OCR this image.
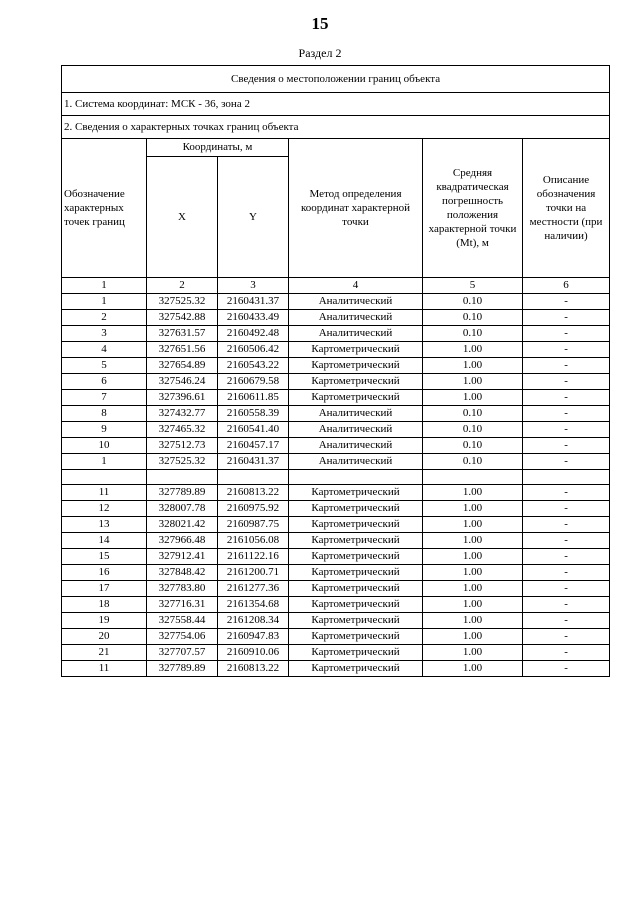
15
Раздел 2
Сведения о местоположении границ объекта					
1. Система координат: МСК - 36, зона 2					
2. Сведения о характерных точках границ объекта					
Обозначение характерных точек границ	Координаты, м		Метод определения координат характерной точки	Средняя квадратическая погрешность положения характерной точки (Mt), м	Описание обозначения точки на местности (при наличии)
	X	Y			
1	2	3	4	5	6
1	327525.32	2160431.37	Аналитический	0.10	-
2	327542.88	2160433.49	Аналитический	0.10	-
3	327631.57	2160492.48	Аналитический	0.10	-
4	327651.56	2160506.42	Картометрический	1.00	-
5	327654.89	2160543.22	Картометрический	1.00	-
6	327546.24	2160679.58	Картометрический	1.00	-
7	327396.61	2160611.85	Картометрический	1.00	-
8	327432.77	2160558.39	Аналитический	0.10	-
9	327465.32	2160541.40	Аналитический	0.10	-
10	327512.73	2160457.17	Аналитический	0.10	-
1	327525.32	2160431.37	Аналитический	0.10	-

11	327789.89	2160813.22	Картометрический	1.00	-
12	328007.78	2160975.92	Картометрический	1.00	-
13	328021.42	2160987.75	Картометрический	1.00	-
14	327966.48	2161056.08	Картометрический	1.00	-
15	327912.41	2161122.16	Картометрический	1.00	-
16	327848.42	2161200.71	Картометрический	1.00	-
17	327783.80	2161277.36	Картометрический	1.00	-
18	327716.31	2161354.68	Картометрический	1.00	-
19	327558.44	2161208.34	Картометрический	1.00	-
20	327754.06	2160947.83	Картометрический	1.00	-
21	327707.57	2160910.06	Картометрический	1.00	-
11	327789.89	2160813.22	Картометрический	1.00	-
